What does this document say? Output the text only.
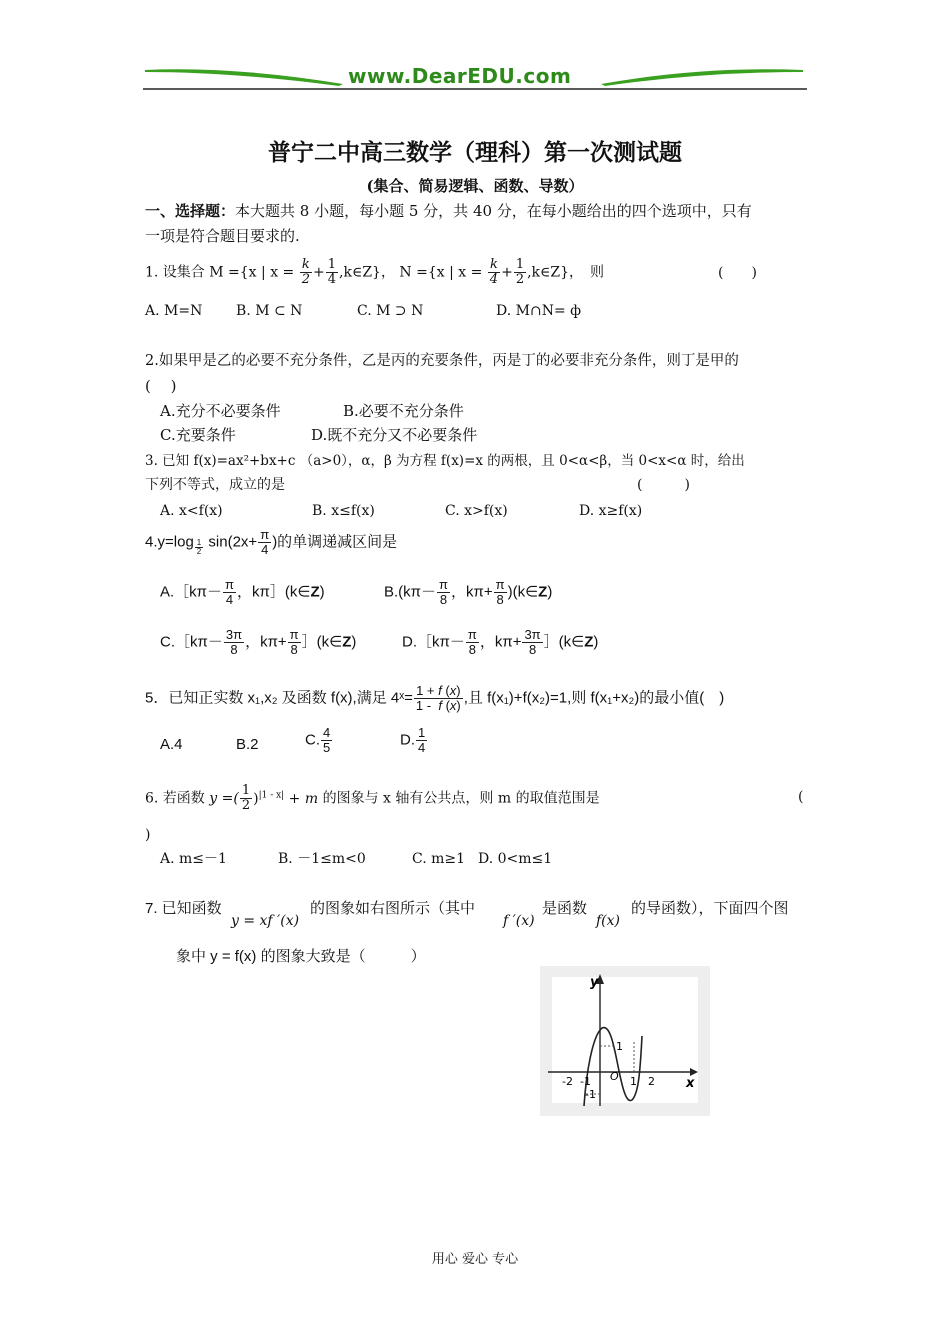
www.DearEDU.com
普宁二中高三数学（理科）第一次测试题
(集合、简易逻辑、函数、导数）
一、选择题：本大题共 8 小题，每小题 5 分，共 40 分，在每小题给出的四个选项中，只有
一项是符合题目要求的.
1. 设集合 M ={x | $x = \frac{k}{2} + \frac{1}{4}$ ,k∈Z}， N ={x | $x = \frac{k}{4} + \frac{1}{2}$ ,k∈Z}，　则	(　　)
A. M=N B. M ⊂ N	C. M ⊃ N	D. M∩N= ф
2.如果甲是乙的必要不充分条件，乙是丙的充要条件，丙是丁的必要非充分条件，则丁是甲的
(　 )
A.充分不必要条件	B.必要不充分条件
C.充要条件	D.既不充分又不必要条件
3. 已知 f(x)=ax²+bx+c （a>0），α，β 为方程 f(x)=x 的两根，且 0<α<β，当 0<x<α 时，给出
下列不等式，成立的是	(　　　)
A. x<f(x)	B. x≤f(x)	C. x>f(x)	D. x≥f(x)
$4.y=\log \frac{1}{2} \sin(2x+ \frac{\pi}{4}$ )的单调递减区间是
A.［kπ－ $\frac{\pi}{4}$ ，kπ］(k∈Z)	$B.(k\pi- \frac{\pi}{8}$ ，$k\pi+ \frac{\pi}{8}$ )(k∈Z)
C.［kπ－ $\frac{3\pi}{8}$ ，$k\pi+ \frac{\pi}{8}$ ］(k∈Z)	D.［kπ－ $\frac{\pi}{8}$ ，$k\pi+ \frac{3\pi}{8}$ ］(k∈Z)
5．已知正实数 x₁,x₂ 及函数 f(x),满足 4ˣ= $\frac{1 + f (x)}{1 - f (x)}$ ,且 f(x₁)+f(x₂)=1,则 f(x₁+x₂)的最小值(　)
A.4	B.2	C. $\frac{4}{5}$	D. $\frac{1}{4}$
6. 若函数 y =( $\frac{1}{2} )^{|1 - x|} + m$ 的图象与 x 轴有公共点，则 m 的取值范围是	(
)
A. m≤－1	B. －1≤m<0	C. m≥1 D. 0<m≤1
7. 已知函数
y = xf ′(x)
的图象如右图所示（其中
f ′(x)
是函数
f(x)
的导函数），下面四个图
象中 y = f(x) 的图象大致是（　　　）
y
x
-2 -1 O 1 2
1
-1
用心 爱心 专心
